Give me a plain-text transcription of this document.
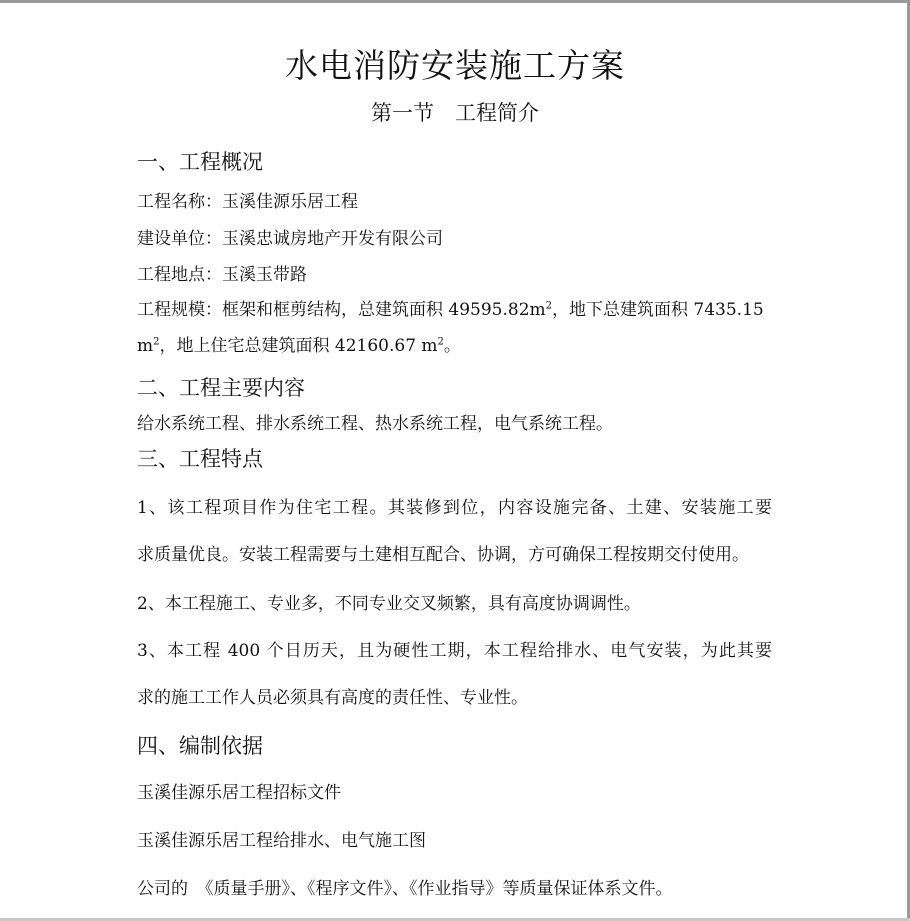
水电消防安装施工方案
第一节　工程简介
一、工程概况
工程名称：玉溪佳源乐居工程
建设单位：玉溪忠诚房地产开发有限公司
工程地点：玉溪玉带路
工程规模：框架和框剪结构，总建筑面积 $49595.82m^2$，地下总建筑面积 7435.15
$m^2$，地上住宅总建筑面积 42160.67 $m^2$。
二、工程主要内容
给水系统工程、排水系统工程、热水系统工程，电气系统工程。
三、工程特点
1、该工程项目作为住宅工程。其装修到位，内容设施完备、土建、安装施工要
求质量优良。安装工程需要与土建相互配合、协调，方可确保工程按期交付使用。
2、本工程施工、专业多，不同专业交叉频繁，具有高度协调调性。
3、本工程 400 个日历天，且为硬性工期，本工程给排水、电气安装，为此其要
求的施工工作人员必须具有高度的责任性、专业性。
四、编制依据
玉溪佳源乐居工程招标文件
玉溪佳源乐居工程给排水、电气施工图
公司的　《质量手册》、《程序文件》、《作业指导》等质量保证体系文件。
